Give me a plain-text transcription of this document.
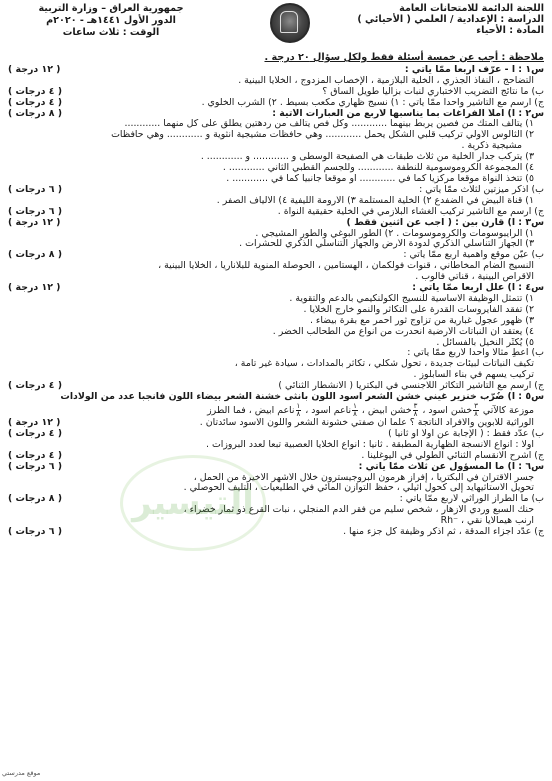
اللجنة الدائمة للامتحانات العامة
الدراسة : الإعدادية / العلمي ( الأحيائي )
المادة : الأحياء
جمهورية العراق – وزارة التربية
الدور الأول ١٤٤١هـ - ٢٠٢٠م
الوقت : ثلاث ساعات
ملاحظة : أجب عن خمسة أسئلة فقط ولكل سؤال ٢٠ درجة .
( ١٢ درجة )	س١ : أ - عرّف أربعاً ممّا يأتي :
التضاحج ، النفاذ الجذري ، الخلية البلازمية ، الإخصاب المزدوج ، الخلايا البينية .
( ٤ درجات )	ب) ما نتائج التضريب الاختباري لنبات بزاليا طويل الساق ؟
( ٤ درجات )	ج) ارسم مع التأشير واحداً ممّا يأتي : ١) نسيج ظهاري مكعب بسيط . ٢) الشرب الخلوي .
( ٨ درجات )	س٢ : أ) املأ الفراغات بما يناسبها لأربع من العبارات الآتية :
١) يتألف المتك من فصين يربط بينهما ............ وكل فص يتألف من ردهتين يطلق على كل منهما ............
٢) الثالوس الأولي تركيب قلبي الشكل يحمل ............ وهي حافظات مشيجية أنثوية و ............ وهي حافظات
مشيجية ذكرية .
٣) يتركب جدار الخلية من ثلاث طبقات هي الصفيحة الوسطى و ............ و ............ .
٤) المجموعة الكروموسومية للنطفة ............ وللجسم القطبي الثاني ............ .
٥) تتخذ النواة موقعاً مركزياً كما في ............ أو موقعاً جانبياً كما في ............ .
( ٦ درجات )	ب) اذكر ميزتين لثلاث ممّا يأتي :
١) قناة البيض في الضفدع ٢) الخلية المستلمة ٣) الأرومة الليفية ٤) الألياف الصفر .
( ٦ درجات )	ج) ارسم مع التأشير تركيب الغشاء البلازمي في الخلية حقيقية النواة .
( ١٢ درجة )	س٣ : أ) قارن بين : ( أجب عن اثنين فقط )
١) الرايبوسومات والكروموسومات . ٢) الطور البوغي والطور المشيجي .
٣) الجهاز التناسلي الذكري لدودة الأرض والجهاز التناسلي الذكري للحشرات .
( ٨ درجات )	ب) عيّن موقع وأهمية أربع ممّا يأتي :
النسيج الضام المخاطاني ، قنوات فولكمان ، الهستامين ، الحوصلة المنوية للبلاناريا ، الخلايا البينية ،
الأقراص البينية ، قناتي فالوب .
( ١٢ درجة )	س٤ : أ) علّل أربعاً ممّا يأتي :
١) تتمثل الوظيفة الأساسية للنسيج الكولنكيمي بالدعم والتقوية .
٢) تفقد الفايروسات القدرة على التكاثر والنمو خارج الخلايا .
٣) ظهور عجول غبارية من تزاوج ثور أحمر مع بقرة بيضاء .
٤) يعتقد أن النباتات الأرضية انحدرت من أنواع من الطحالب الخضر .
٥) يُكثّر النخيل بالفسائل .
ب) أعطِ مثالاً واحداً لأربع ممّا يأتي :
تكيف النباتات لبيئات جديدة ، تحول شكلي ، تكاثر بالمدادات ، سيادة غير تامة ،
تركيب يسهم في بناء السابلوز .
( ٤ درجات )	ج) ارسم مع التأشير التكاثر اللاجنسي في البكتريا ( الانشطار الثنائي )
س٥ : أ) ضُرّب خنزير غيني خشن الشعر أسود اللون بأنثى خشنة الشعر بيضاء اللون فأنجبا عدد من الولادات
موزعة كالآتي
$\frac{٣}{٨}$
خشن اسود ،
$\frac{٣}{٨}$
خشن ابيض ،
$\frac{١}{٨}$
ناعم اسود ،
$\frac{١}{٨}$
ناعم ابيض ، فما الطرز
( ١٢ درجة )	الوراثية للأبوين والأفراد الناتجة ؟ علماً أن صفتي خشونة الشعر واللون الأسود سائدتان .
( ٤ درجات )	ب) عدّد فقط : ( الإجابة عن أولاً أو ثانياً )
أولاً : أنواع الأنسجة الظهارية المطبقة . ثانياً : أنواع الخلايا العصبية تبعاً لعدد البروزات .
( ٤ درجات )	ج) اشرح الانقسام الثنائي الطولي في اليوغلينا .
( ٦ درجات )	س٦ : أ) ما المسؤول عن ثلاث ممّا يأتي :
جسر الاقتران في البكتريا ، إفراز هرمون البروجيسترون خلال الأشهر الأخيرة من الحمل ،
تحويل الاستاثيهايد إلى كحول أثيلي ، حفظ التوازن المائي في الطليعيات ، التليف الحوصلي .
( ٨ درجات )	ب) ما الطراز الوراثي لأربع ممّا يأتي :
حنك السبع وردي الأزهار ، شخص سليم من فقر الدم المنجلي ، نبات القرع ذو ثمار خضراء ،
أرنب هيمالايا نقي ، ⁻Rh
( ٦ درجات )	ج) عدّد أجزاء المدقة ، ثم اذكر وظيفة كل جزء منها .
التيسير
موقع مدرستي
